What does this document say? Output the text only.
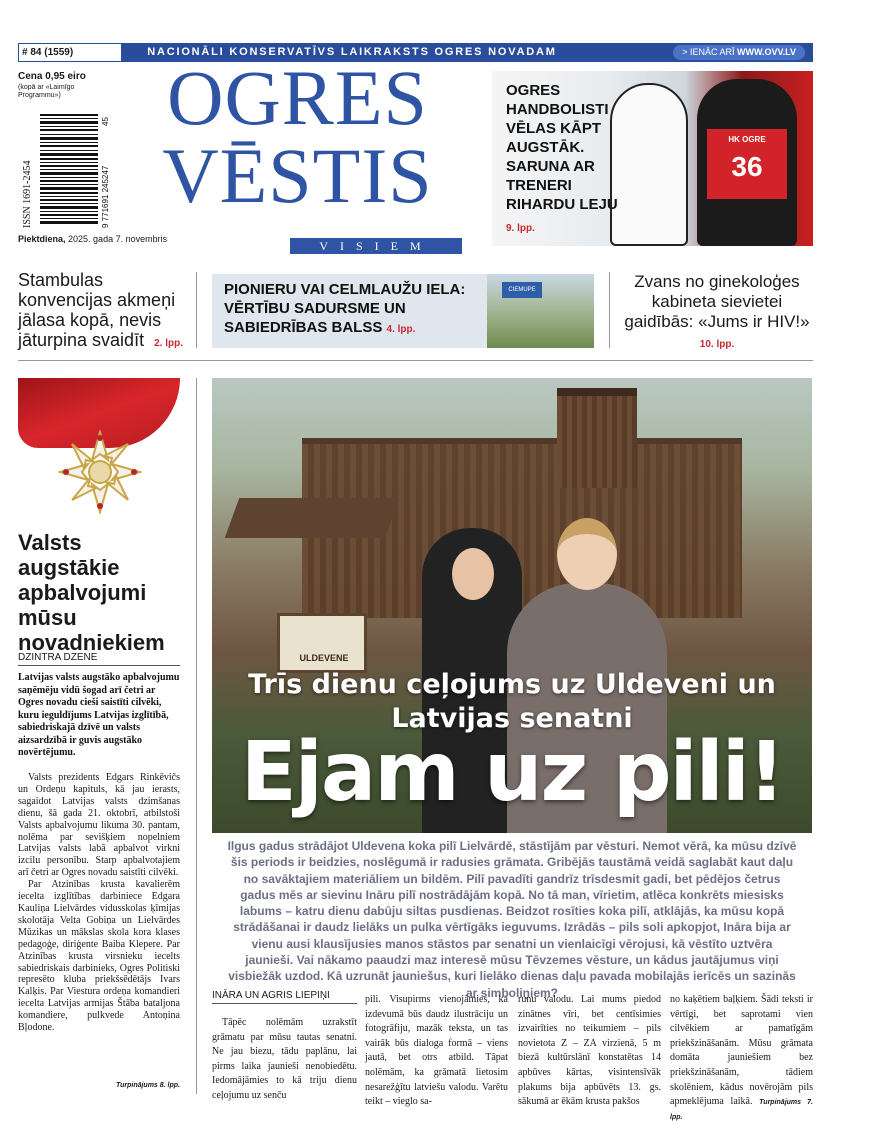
# 84 (1559)	NACIONĀLI KONSERVATĪVS LAIKRAKSTS OGRES NOVADAM	> IENĀC ARĪ WWW.OVV.LV
Cena 0,95 eiro
(kopā ar «Laimīgo Programmu»)
ISSN 1691-2454	9 771691 245247
45
Piektdiena, 2025. gada 7. novembris
OGRES
VĒSTIS
VISIEM
HK OGRE
36
OGRES HANDBOLISTI VĒLAS KĀPT AUGSTĀK. SARUNA AR TRENERI RIHARDU LEJU
9. lpp.
Stambulas konvencijas akmeņi jālasa kopā, nevis jāturpina svaidīt 2. lpp.
CIEMUPE
PIONIERU VAI CELMLAUŽU IELA: VĒRTĪBU SADURSME UN SABIEDRĪBAS BALSS 4. lpp.
Zvans no ginekoloģes kabineta sievietei gaidībās: «Jums ir HIV!» 10. lpp.
Valsts augstākie apbalvojumi mūsu novadniekiem
DZINTRA DZENE
Latvijas valsts augstāko apbalvojumu saņēmēju vidū šogad arī četri ar Ogres novadu cieši saistīti cilvēki, kuru ieguldījums Latvijas izglītībā, sabiedriskajā dzīvē un valsts aizsardzībā ir guvis augstāko novērtējumu.

Valsts prezidents Edgars Rinkēvičs un Ordeņu kapituls, kā jau ierasts, sagaidot Latvijas valsts dzimšanas dienu, šā gada 21. oktobrī, atbilstoši Valsts apbalvojumu likuma 30. pantam, nolēma par sevišķiem nopelniem Latvijas valsts labā apbalvot virkni izcilu personību. Starp apbalvotajiem arī četri ar Ogres novadu saistīti cilvēki.

Par Atzinības krusta kavalierēm iecelta izglītības darbiniece Edgara Kauliņa Lielvārdes vidusskolas ķīmijas skolotāja Velta Gobiņa un Lielvārdes Mūzikas un mākslas skola kora klases pedagoģe, diriģente Baiba Klepere. Par Atzinības krusta virsnieku iecelts sabiedriskais darbinieks, Ogres Politiski represēto kluba priekšsēdētājs Ivars Kalķis. Par Viestura ordeņa komandieri iecelta Latvijas armijas Štāba bataljona komandiere, pulkvede Antoņina Bļodone.

Turpinājums 8. lpp.
ULDEVENE
Trīs dienu ceļojums uz Uldeveni un Latvijas senatni
Ejam uz pili!
Ilgus gadus strādājot Uldevena koka pilī Lielvārdē, stāstījām par vēsturi. Nemot vērā, ka mūsu dzīvē šis periods ir beidzies, noslēgumā ir radusies grāmata. Gribējās taustāmā veidā saglabāt kaut daļu no savāktajiem materiāliem un bildēm. Pilī pavadīti gandrīz trīsdesmit gadi, bet pēdējos četrus gadus mēs ar sievinu Ināru pilī nostrādājām kopā. No tā man, vīrietim, atlēca konkrēts miesisks labums – katru dienu dabūju siltas pusdienas. Beidzot rosīties koka pilī, atklājās, ka mūsu kopā strādāšanai ir daudz lielāks un pulka vērtīgāks ieguvums. Izrādās – pils soli apkopjot, Ināra bija ar vienu ausi klausījusies manos stāstos par senatni un vienlaicīgi vērojusi, kā vēstīto uztvēra jaunieši. Vai nākamo paaudzi maz interesē mūsu Tēvzemes vēsture, un kādus jautājumus viņi visbiežāk uzdod. Kā uzrunāt jauniešus, kuri lielāko dienas daļu pavada mobilajās ierīcēs un sazinās ar simboliņiem?
INĀRA UN AGRIS LIEPIŅI

Tāpēc nolēmām uzrakstīt grāmatu par mūsu tautas senatni. Ne jau biezu, tādu paplānu, lai pirms laika jaunieši nenobiedētu. Iedomājāmies to kā triju dienu ceļojumu uz senču

pili. Visupirms vienojāmies, ka izdevumā būs daudz ilustrāciju un fotogrāfiju, mazāk teksta, un tas vairāk būs dialoga formā – viens jautā, bet otrs atbild. Tāpat nolēmām, ka grāmatā lietosim nesarežģītu latviešu valodu. Varētu teikt – vieglo sa-
runu valodu. Lai mums piedod zinātnes vīri, bet centīsimies izvairīties no teikumiem – pils novietota Z – ZA virzienā, 5 m biezā kultūrslānī konstatētas 14 apbūves kārtas, visintensīvāk plakums bija apbūvēts 13. gs. sākumā ar ēkām krusta pakšos
no kaķētiem baļķiem. Šādi teksti ir vērtīgi, bet saprotami vien cilvēkiem ar pamatīgām priekšzināšanām. Mūsu grāmata domāta jauniešiem bez priekšzināšanām, tādiem skolēniem, kādus novērojām pils apmeklējuma laikā. Turpinājums 7. lpp.
